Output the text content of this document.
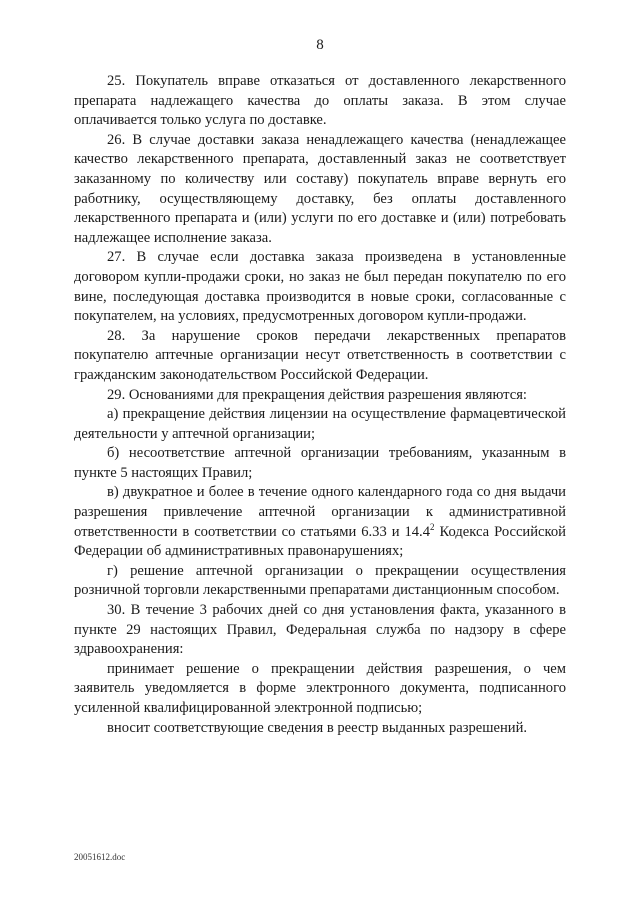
8

25. Покупатель вправе отказаться от доставленного лекарственного препарата надлежащего качества до оплаты заказа. В этом случае оплачивается только услуга по доставке.

26. В случае доставки заказа ненадлежащего качества (ненадлежащее качество лекарственного препарата, доставленный заказ не соответствует заказанному по количеству или составу) покупатель вправе вернуть его работнику, осуществляющему доставку, без оплаты доставленного лекарственного препарата и (или) услуги по его доставке и (или) потребовать надлежащее исполнение заказа.

27. В случае если доставка заказа произведена в установленные договором купли-продажи сроки, но заказ не был передан покупателю по его вине, последующая доставка производится в новые сроки, согласованные с покупателем, на условиях, предусмотренных договором купли-продажи.

28. За нарушение сроков передачи лекарственных препаратов покупателю аптечные организации несут ответственность в соответствии с гражданским законодательством Российской Федерации.

29. Основаниями для прекращения действия разрешения являются:

а) прекращение действия лицензии на осуществление фармацевтической деятельности у аптечной организации;

б) несоответствие аптечной организации требованиям, указанным в пункте 5 настоящих Правил;

в) двукратное и более в течение одного календарного года со дня выдачи разрешения привлечение аптечной организации к административной ответственности в соответствии со статьями 6.33 и 14.4$^2$ Кодекса Российской Федерации об административных правонарушениях;

г) решение аптечной организации о прекращении осуществления розничной торговли лекарственными препаратами дистанционным способом.

30. В течение 3 рабочих дней со дня установления факта, указанного в пункте 29 настоящих Правил, Федеральная служба по надзору в сфере здравоохранения:

принимает решение о прекращении действия разрешения, о чем заявитель уведомляется в форме электронного документа, подписанного усиленной квалифицированной электронной подписью;

вносит соответствующие сведения в реестр выданных разрешений.

20051612.doc
